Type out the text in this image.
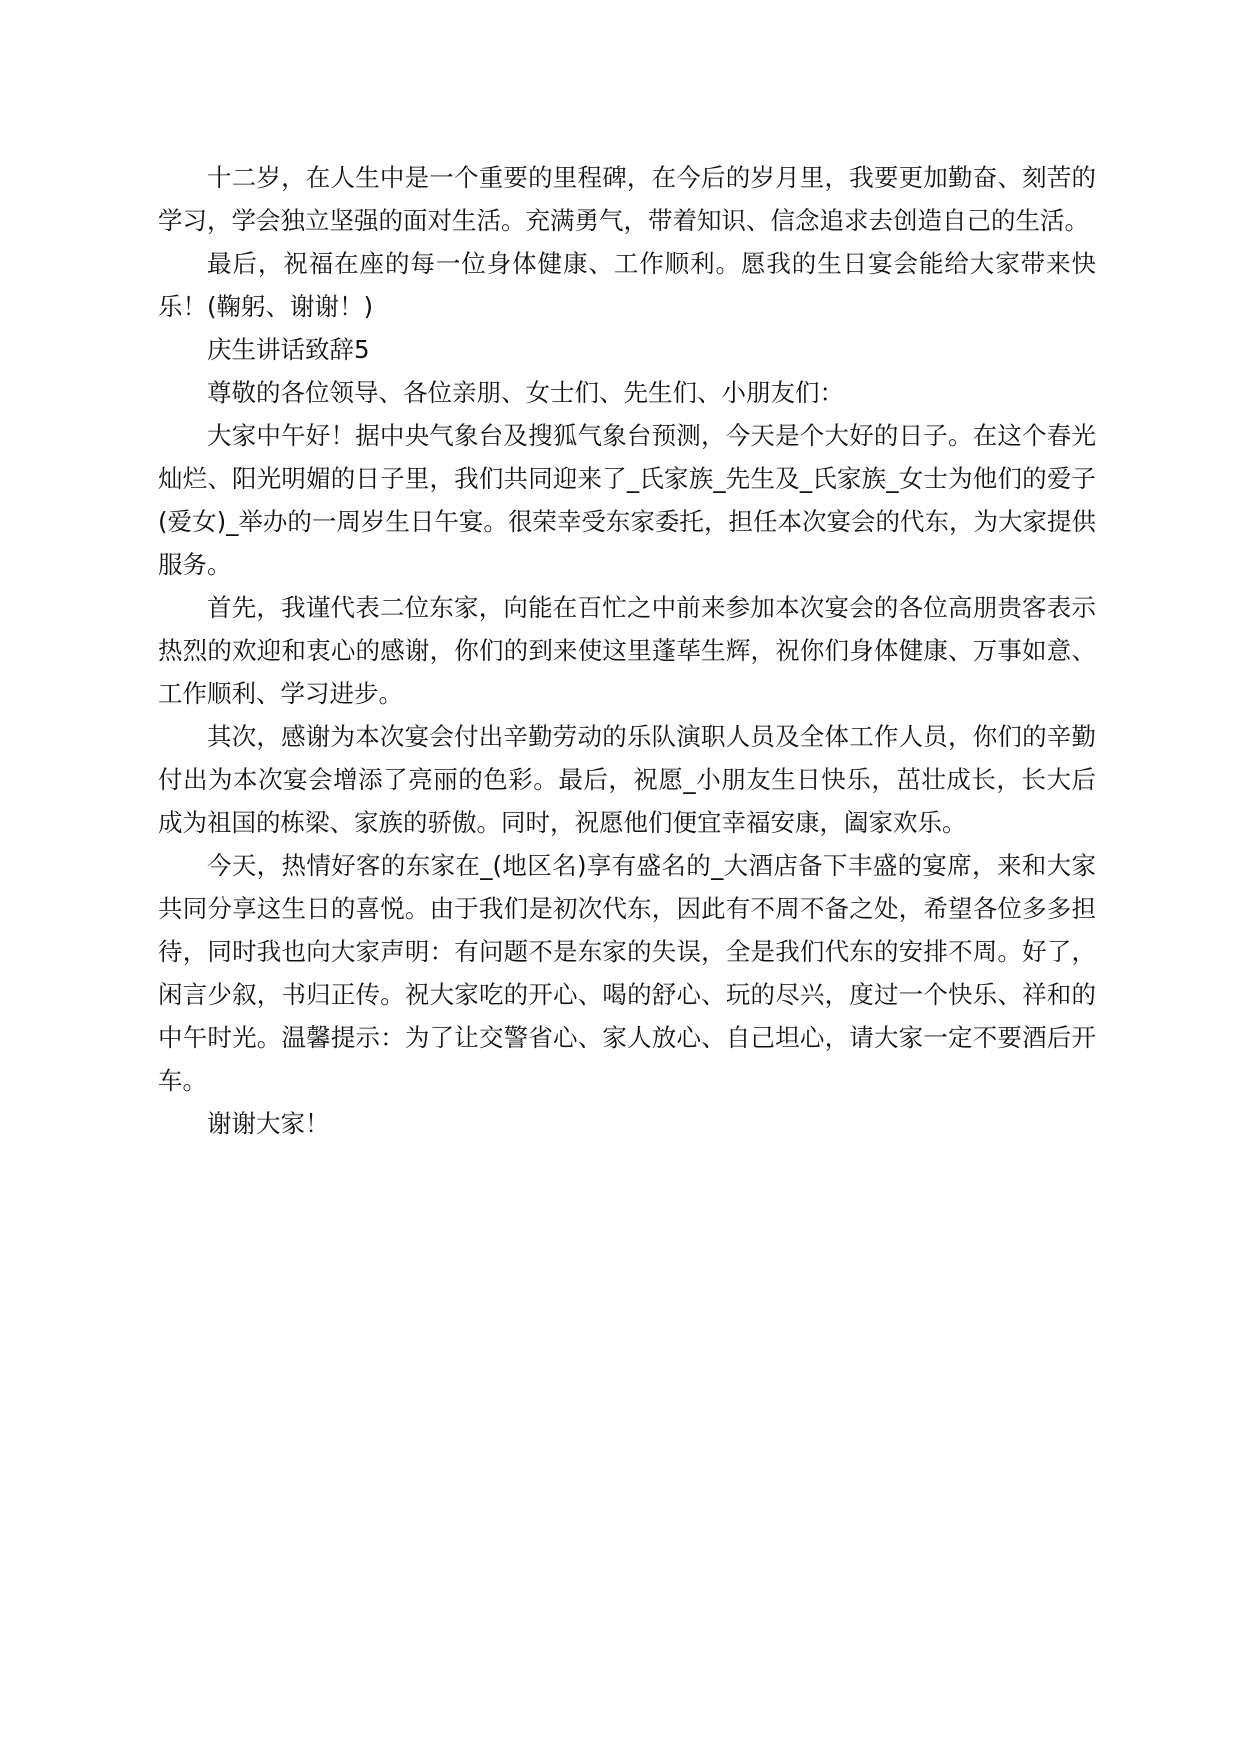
十二岁，在人生中是一个重要的里程碑，在今后的岁月里，我要更加勤奋、刻苦的学习，学会独立坚强的面对生活。充满勇气，带着知识、信念追求去创造自己的生活。

最后，祝福在座的每一位身体健康、工作顺利。愿我的生日宴会能给大家带来快乐！(鞠躬、谢谢！)

庆生讲话致辞5

尊敬的各位领导、各位亲朋、女士们、先生们、小朋友们：

大家中午好！据中央气象台及搜狐气象台预测，今天是个大好的日子。在这个春光灿烂、阳光明媚的日子里，我们共同迎来了_氏家族_先生及_氏家族_女士为他们的爱子(爱女)_举办的一周岁生日午宴。很荣幸受东家委托，担任本次宴会的代东，为大家提供服务。

首先，我谨代表二位东家，向能在百忙之中前来参加本次宴会的各位高朋贵客表示热烈的欢迎和衷心的感谢，你们的到来使这里蓬荜生辉，祝你们身体健康、万事如意、工作顺利、学习进步。

其次，感谢为本次宴会付出辛勤劳动的乐队演职人员及全体工作人员，你们的辛勤付出为本次宴会增添了亮丽的色彩。最后，祝愿_小朋友生日快乐，茁壮成长，长大后成为祖国的栋梁、家族的骄傲。同时，祝愿他们便宜幸福安康，阖家欢乐。

今天，热情好客的东家在_(地区名)享有盛名的_大酒店备下丰盛的宴席，来和大家共同分享这生日的喜悦。由于我们是初次代东，因此有不周不备之处，希望各位多多担待，同时我也向大家声明：有问题不是东家的失误，全是我们代东的安排不周。好了，闲言少叙，书归正传。祝大家吃的开心、喝的舒心、玩的尽兴，度过一个快乐、祥和的中午时光。温馨提示：为了让交警省心、家人放心、自己坦心，请大家一定不要酒后开车。

谢谢大家！
